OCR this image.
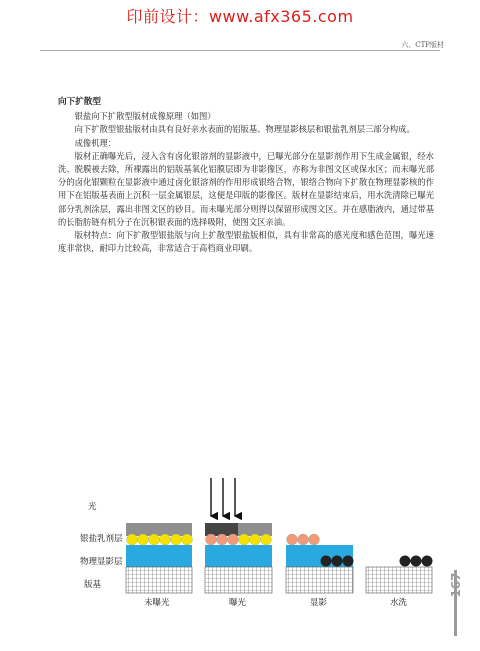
印前设计：www.afx365.com
六、CTP版材
向下扩散型

银盐向下扩散型版材成像原理（如图）

向下扩散型银盐版材由具有良好亲水表面的铝版基、物理显影核层和银盐乳剂层三部分构成。

成像机理：

版材正确曝光后，浸入含有卤化银溶剂的显影液中，已曝光部分在显影剂作用下生成金属银，经水洗、脱膜被去除，所裸露出的铝版基氧化铝膜层即为非影像区，亦称为非图文区或保水区；而未曝光部分的卤化银颗粒在显影液中通过卤化银溶剂的作用形成银络合物，银络合物向下扩散在物理显影核的作用下在铝版基表面上沉积一层金属银层，这便是印版的影像区。版材在显影结束后，用水洗清除已曝光部分乳剂涂层，露出非图文区的砂目。而未曝光部分则得以保留形成图文区。并在感脂液内，通过带基的长脂肪链有机分子在沉积银表面的选择吸附，使图文区亲油。

版材特点：向下扩散型银盐版与向上扩散型银盐版相似，具有非常高的感光度和感色范围，曝光速度非常快，耐印力比较高，非常适合于高档商业印刷。

光
银盐乳剂层
物理显影层
版基
未曝光	曝光	显影	水洗
167
